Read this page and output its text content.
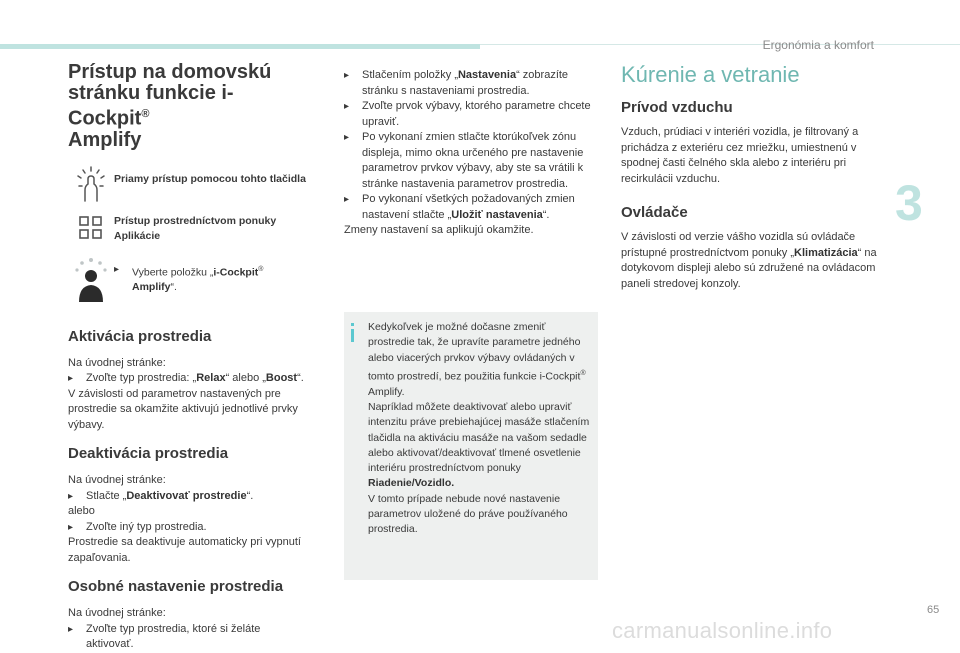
Ergonómia a komfort
3
65
carmanualsonline.info
Prístup na domovskú
stránku funkcie i-Cockpit®
Amplify
Priamy prístup pomocou tohto tlačidla
Prístup prostredníctvom ponuky Aplikácie
▸	Vyberte položku „i-Cockpit®
Amplify“.
Aktivácia prostredia

Na úvodnej stránke:

▸	Zvoľte typ prostredia: „Relax“ alebo „Boost“.

V závislosti od parametrov nastavených pre prostredie sa okamžite aktivujú jednotlivé prvky výbavy.

Deaktivácia prostredia

Na úvodnej stránke:

▸	Stlačte „Deaktivovať prostredie“.

alebo

▸	Zvoľte iný typ prostredia.

Prostredie sa deaktivuje automaticky pri vypnutí zapaľovania.

Osobné nastavenie prostredia

Na úvodnej stránke:

▸	Zvoľte typ prostredia, ktoré si želáte aktivovať.
▸	Stlačením položky „Nastavenia“ zobrazíte stránku s nastaveniami prostredia.
▸	Zvoľte prvok výbavy, ktorého parametre chcete upraviť.
▸	Po vykonaní zmien stlačte ktorúkoľvek zónu displeja, mimo okna určeného pre nastavenie parametrov prvkov výbavy, aby ste sa vrátili k stránke nastavenia parametrov prostredia.
▸	Po vykonaní všetkých požadovaných zmien nastavení stlačte „Uložiť nastavenia“.

Zmeny nastavení sa aplikujú okamžite.

Kedykoľvek je možné dočasne zmeniť prostredie tak, že upravíte parametre jedného alebo viacerých prvkov výbavy ovládaných v tomto prostredí, bez použitia funkcie i-Cockpit® Amplify.
Napríklad môžete deaktivovať alebo upraviť intenzitu práve prebiehajúcej masáže stlačením tlačidla na aktiváciu masáže na vašom sedadle alebo aktivovať/deaktivovať tlmené osvetlenie interiéru prostredníctvom ponuky
Riadenie/Vozidlo.
V tomto prípade nebude nové nastavenie parametrov uložené do práve používaného prostredia.
Kúrenie a vetranie
Prívod vzduchu

Vzduch, prúdiaci v interiéri vozidla, je filtrovaný a prichádza z exteriéru cez mriežku, umiestnenú v spodnej časti čelného skla alebo z interiéru pri recirkulácii vzduchu.

Ovládače

V závislosti od verzie vášho vozidla sú ovládače prístupné prostredníctvom ponuky „Klimatizácia“ na dotykovom displeji alebo sú združené na ovládacom paneli stredovej konzoly.
